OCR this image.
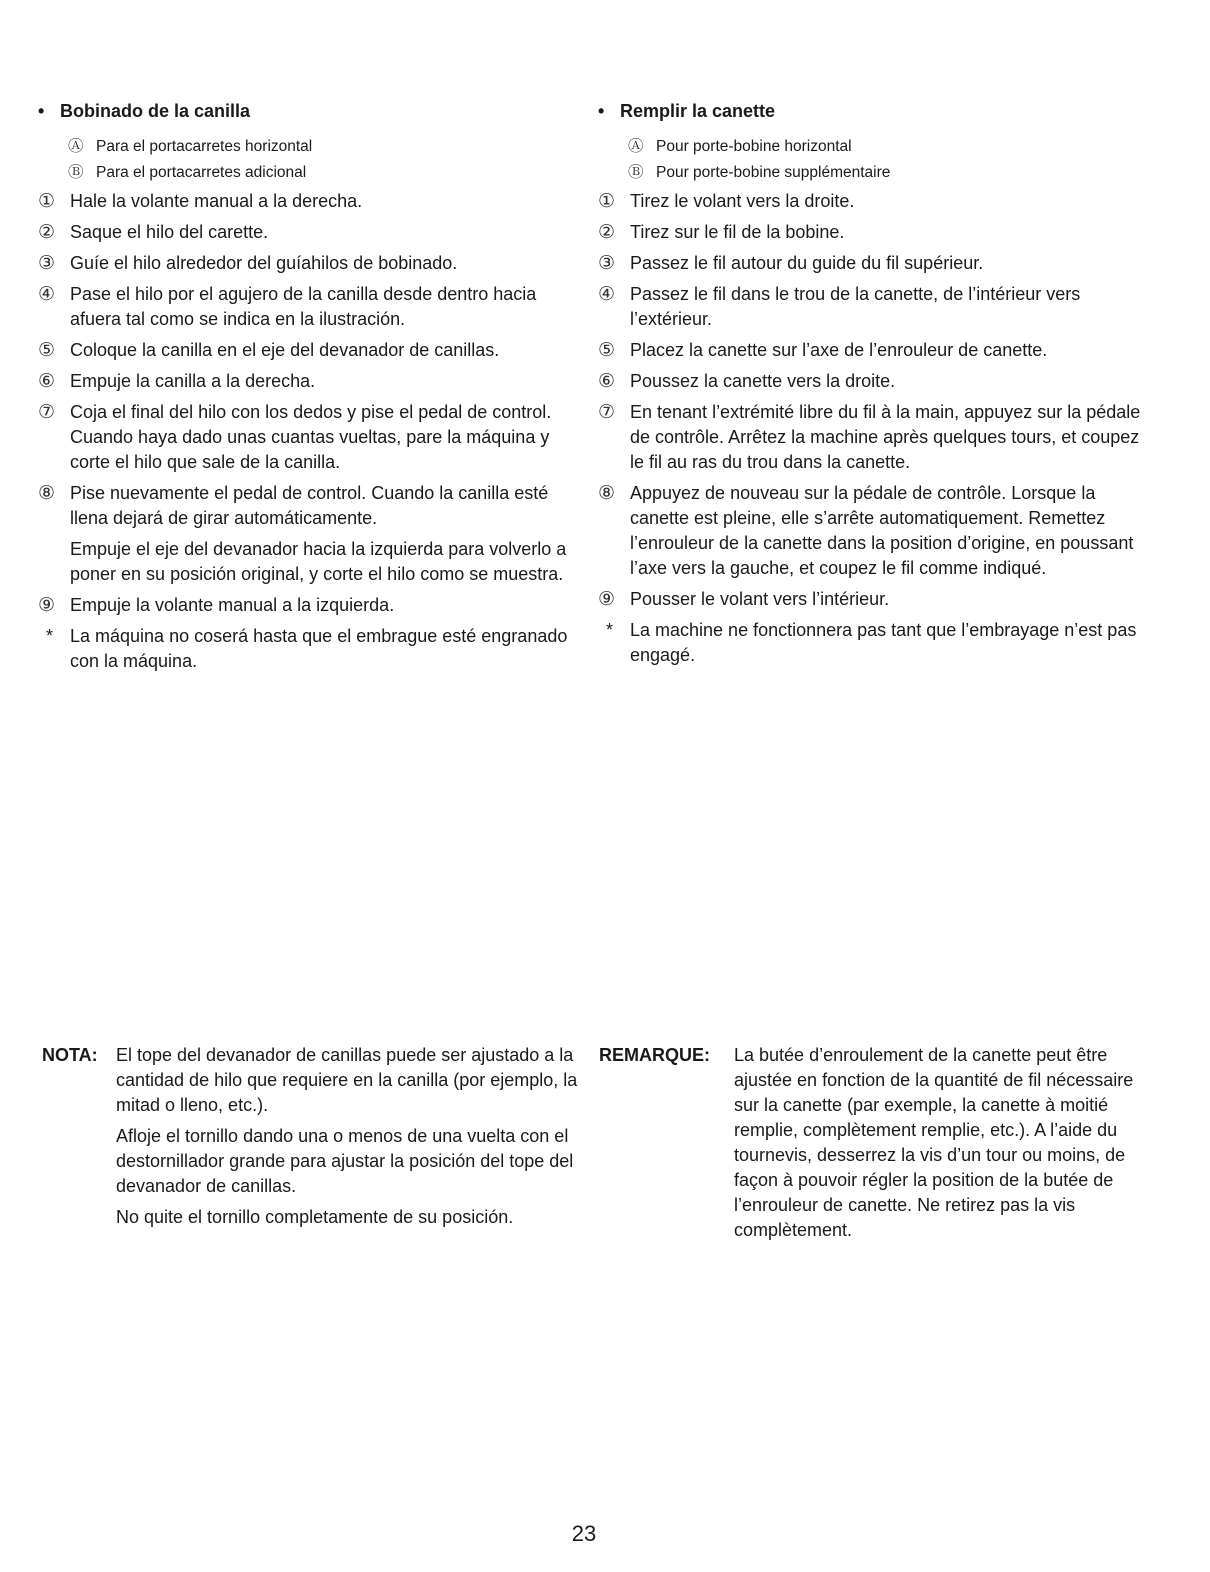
• Bobinado de la canilla
Ⓐ Para el portacarretes horizontal
Ⓑ Para el portacarretes adicional
① Hale la volante manual a la derecha.
② Saque el hilo del carette.
③ Guíe el hilo alrededor del guíahilos de bobinado.
④ Pase el hilo por el agujero de la canilla desde dentro hacia afuera tal como se indica en la ilustración.
⑤ Coloque la canilla en el eje del devanador de canillas.
⑥ Empuje la canilla a la derecha.
⑦ Coja el final del hilo con los dedos y pise el pedal de control. Cuando haya dado unas cuantas vueltas, pare la máquina y corte el hilo que sale de la canilla.
⑧ Pise nuevamente el pedal de control. Cuando la canilla esté llena dejará de girar automáticamente.

Empuje el eje del devanador hacia la izquierda para volverlo a poner en su posición original, y corte el hilo como se muestra.

⑨ Empuje la volante manual a la izquierda.
* La máquina no coserá hasta que el embrague esté engranado con la máquina.
• Remplir la canette
Ⓐ Pour porte-bobine horizontal
Ⓑ Pour porte-bobine supplémentaire
① Tirez le volant vers la droite.
② Tirez sur le fil de la bobine.
③ Passez le fil autour du guide du fil supérieur.
④ Passez le fil dans le trou de la canette, de l’intérieur vers l’extérieur.
⑤ Placez la canette sur l’axe de l’enrouleur de canette.
⑥ Poussez la canette vers la droite.
⑦ En tenant l’extrémité libre du fil à la main, appuyez sur la pédale de contrôle. Arrêtez la machine après quelques tours, et coupez le fil au ras du trou dans la canette.
⑧ Appuyez de nouveau sur la pédale de contrôle. Lorsque la canette est pleine, elle s’arrête automatiquement. Remettez l’enrouleur de la canette dans la position d’origine, en poussant l’axe vers la gauche, et coupez le fil comme indiqué.
⑨ Pousser le volant vers l’intérieur.
* La machine ne fonctionnera pas tant que l’embrayage n’est pas engagé.
NOTA:	El tope del devanador de canillas puede ser ajustado a la cantidad de hilo que requiere en la canilla (por ejemplo, la mitad o lleno, etc.).

Afloje el tornillo dando una o menos de una vuelta con el destornillador grande para ajustar la posición del tope del devanador de canillas.

No quite el tornillo completamente de su posición.

REMARQUE:	La butée d’enroulement de la canette peut être ajustée en fonction de la quantité de fil nécessaire sur la canette (par exemple, la canette à moitié remplie, complètement remplie, etc.). A l’aide du tournevis, desserrez la vis d’un tour ou moins, de façon à pouvoir régler la position de la butée de l’enrouleur de canette. Ne retirez pas la vis complètement.

23
